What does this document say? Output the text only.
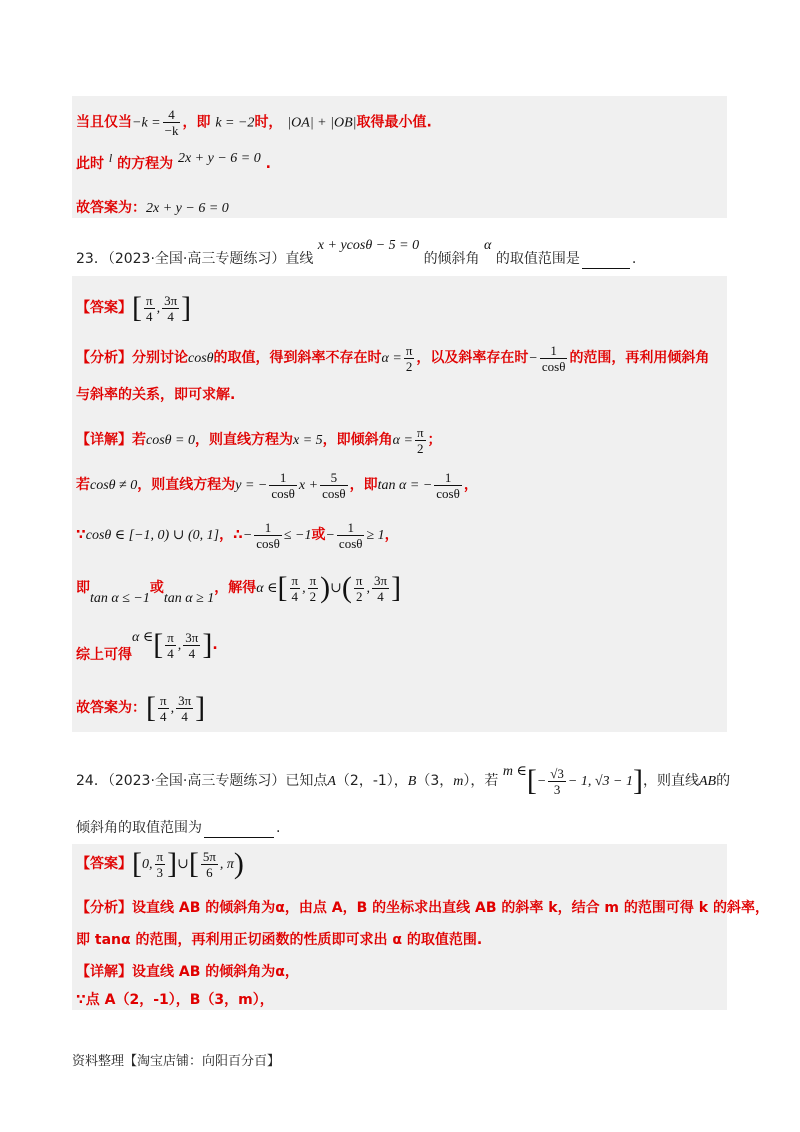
当且仅当$-k = \frac{4}{-k}$ ，即 k = −2时， |OA| + |OB|取得最小值.
此时 l 的方程为 2x + y − 6 = 0 .
故答案为：2x + y − 6 = 0
23．（2023·全国·高三专题练习）直线 x + ycosθ − 5 = 0 的倾斜角 α 的取值范围是	.
【答案】[ $\frac{\pi}{4}$ , $\frac{3\pi}{4}$ ]
【分析】分别讨论cosθ的取值，得到斜率不存在时$\alpha = \frac{\pi}{2}$ ，以及斜率存在时− $\frac{1}{\cos\theta}$ 的范围，再利用倾斜角
与斜率的关系，即可求解.
【详解】若cosθ = 0，则直线方程为x = 5，即倾斜角$\alpha = \frac{\pi}{2}$ ；
若cosθ ≠ 0，则直线方程为y = − $\frac{1}{\cos\theta}$ $x + \frac{5}{\cos\theta}$ ，即tan α = − $\frac{1}{\cos\theta}$ ，
∵cosθ ∈ [−1, 0) ∪ (0, 1]，∴− $\frac{1}{\cos\theta} \le -1$或− $\frac{1}{\cos\theta} \ge 1$，
即tan α ≤ −1或tan α ≥ 1，解得α ∈[ $\frac{\pi}{4}$ , $\frac{\pi}{2}$ )∪( $\frac{\pi}{2}$ , $\frac{3\pi}{4}$ ]
综上可得α ∈[ $\frac{\pi}{4}$ , $\frac{3\pi}{4}$ ].
故答案为：[ $\frac{\pi}{4}$ , $\frac{3\pi}{4}$ ]
24．（2023·全国·高三专题练习）已知点A（2，-1），B（3，m），若 m ∈[− $\frac{√3}{3} - 1$, √3 − 1]，则直线AB的
倾斜角的取值范围为	.
【答案】[0, $\frac{\pi}{3}$ ]∪[ $\frac{5\pi}{6}$ , π)
【分析】设直线 AB 的倾斜角为α，由点 A，B 的坐标求出直线 AB 的斜率 k，结合 m 的范围可得 k 的斜率，
即 tanα 的范围，再利用正切函数的性质即可求出 α 的取值范围.
【详解】设直线 AB 的倾斜角为α，
∵点 A（2，-1），B（3，m），
资料整理【淘宝店铺：向阳百分百】
